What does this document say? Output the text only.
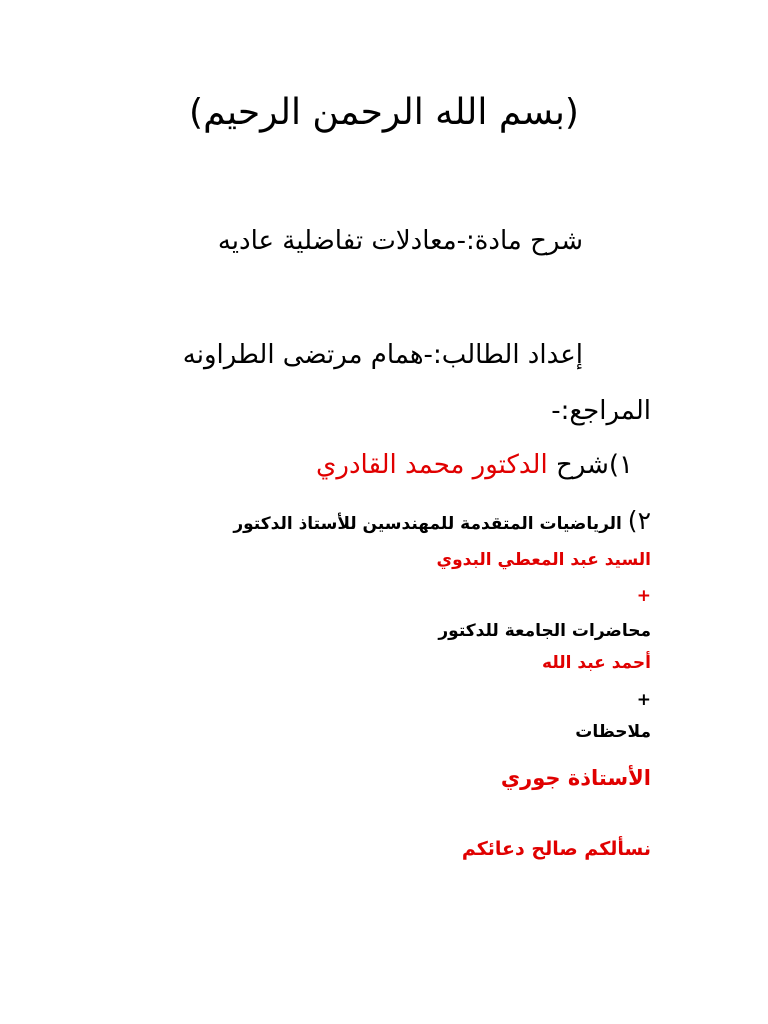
(بسم الله الرحمن الرحيم)
شرح مادة:-معادلات تفاضلية عاديه
إعداد الطالب:-همام مرتضى الطراونه
المراجع:-
١)شرح الدكتور محمد القادري
٢) الرياضيات المتقدمة للمهندسين للأستاذ الدكتور
السيد عبد المعطي البدوي
+
محاضرات الجامعة للدكتور
أحمد عبد الله
+
ملاحظات
الأستاذة جوري
نسألكم صالح دعائكم
